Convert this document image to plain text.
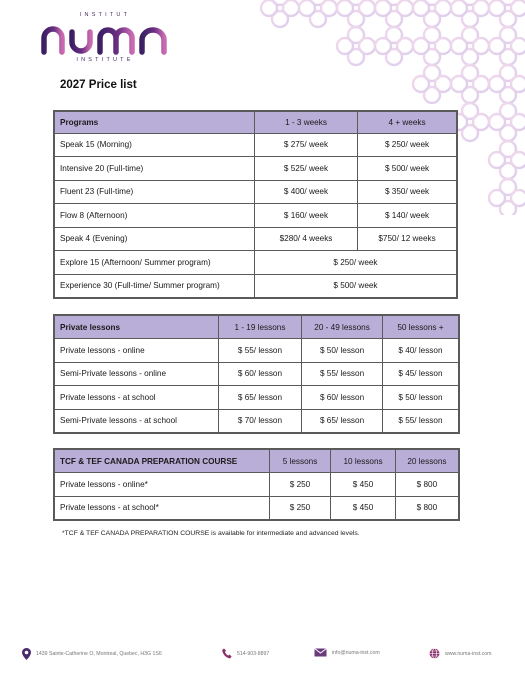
INSTITUT
INSTITUTE
2027 Price list
Programs	1 - 3 weeks	4 + weeks
Speak 15 (Morning)	$ 275/ week	$ 250/ week
Intensive 20 (Full-time)	$ 525/ week	$ 500/ week
Fluent 23 (Full-time)	$ 400/ week	$ 350/ week
Flow 8 (Afternoon)	$ 160/ week	$ 140/ week
Speak 4 (Evening)	$280/ 4 weeks	$750/ 12 weeks
Explore 15 (Afternoon/ Summer program)	$ 250/ week	
Experience 30 (Full-time/ Summer program)	$ 500/ week	
Private lessons	1 - 19 lessons	20 - 49 lessons	50 lessons +
Private lessons - online	$ 55/ lesson	$ 50/ lesson	$ 40/ lesson
Semi-Private lessons - online	$ 60/ lesson	$ 55/ lesson	$ 45/ lesson
Private lessons - at school	$ 65/ lesson	$ 60/ lesson	$ 50/ lesson
Semi-Private lessons - at school	$ 70/ lesson	$ 65/ lesson	$ 55/ lesson
TCF & TEF CANADA PREPARATION COURSE	5 lessons	10 lessons	20 lessons
Private lessons - online*	$ 250	$ 450	$ 800
Private lessons - at school*	$ 250	$ 450	$ 800
*TCF & TEF CANADA PREPARATION COURSE is available for intermediate and advanced levels.
1439 Sainte-Catherine O, Montreal, Quebec, H3G 1S6	514-903-8897	info@numa-inst.com	www.numa-inst.com
